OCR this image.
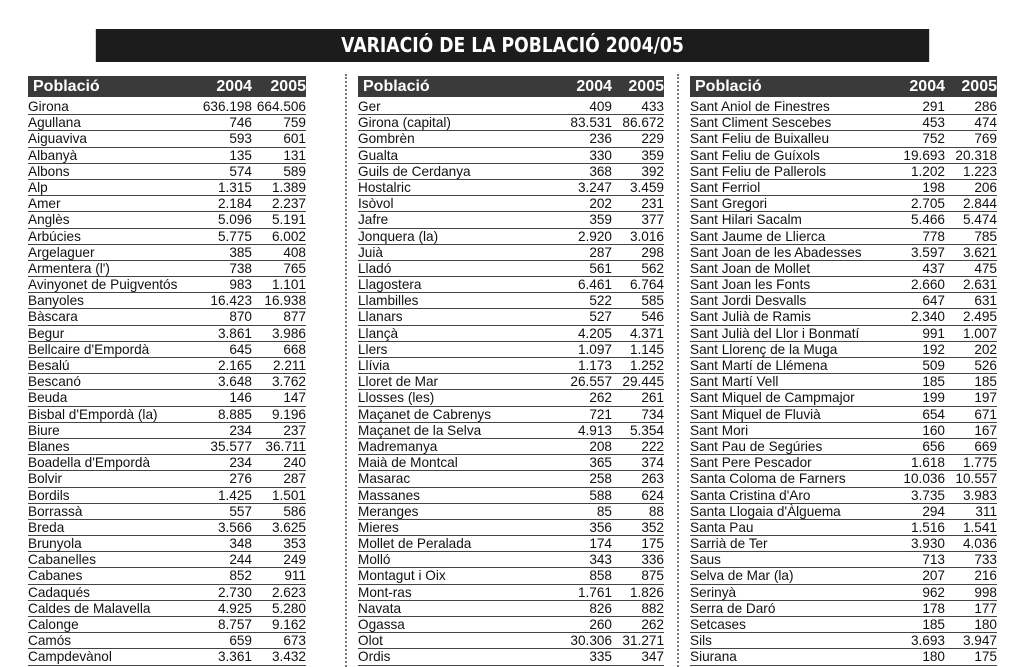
VARIACIÓ DE LA POBLACIÓ 2004/05
Població	2004	2005
Girona	636.198 664.506
Agullana	746	759
Aiguaviva	593	601
Albanyà	135	131
Albons	574	589
Alp	1.315	1.389
Amer	2.184	2.237
Anglès	5.096	5.191
Arbúcies	5.775	6.002
Argelaguer	385	408
Armentera (l')	738	765
Avinyonet de Puigventós	983	1.101
Banyoles	16.423 16.938
Bàscara	870	877
Begur	3.861	3.986
Bellcaire d'Empordà	645	668
Besalú	2.165	2.211
Bescanó	3.648	3.762
Beuda	146	147
Bisbal d'Empordà (la)	8.885	9.196
Biure	234	237
Blanes	35.577 36.711
Boadella d'Empordà	234	240
Bolvir	276	287
Bordils	1.425	1.501
Borrassà	557	586
Breda	3.566	3.625
Brunyola	348	353
Cabanelles	244	249
Cabanes	852	911
Cadaqués	2.730	2.623
Caldes de Malavella	4.925	5.280
Calonge	8.757	9.162
Camós	659	673
Campdevànol	3.361	3.432
Població	2004	2005
Ger	409	433
Girona (capital)	83.531 86.672
Gombrèn	236	229
Gualta	330	359
Guils de Cerdanya	368	392
Hostalric	3.247	3.459
Isòvol	202	231
Jafre	359	377
Jonquera (la)	2.920	3.016
Juià	287	298
Lladó	561	562
Llagostera	6.461	6.764
Llambilles	522	585
Llanars	527	546
Llançà	4.205	4.371
Llers	1.097	1.145
Llívia	1.173	1.252
Lloret de Mar	26.557 29.445
Llosses (les)	262	261
Maçanet de Cabrenys	721	734
Maçanet de la Selva	4.913	5.354
Madremanya	208	222
Maià de Montcal	365	374
Masarac	258	263
Massanes	588	624
Meranges	85	88
Mieres	356	352
Mollet de Peralada	174	175
Molló	343	336
Montagut i Oix	858	875
Mont-ras	1.761	1.826
Navata	826	882
Ogassa	260	262
Olot	30.306 31.271
Ordis	335	347
Població	2004	2005
Sant Aniol de Finestres	291	286
Sant Climent Sescebes	453	474
Sant Feliu de Buixalleu	752	769
Sant Feliu de Guíxols	19.693 20.318
Sant Feliu de Pallerols	1.202	1.223
Sant Ferriol	198	206
Sant Gregori	2.705	2.844
Sant Hilari Sacalm	5.466	5.474
Sant Jaume de Llierca	778	785
Sant Joan de les Abadesses	3.597	3.621
Sant Joan de Mollet	437	475
Sant Joan les Fonts	2.660	2.631
Sant Jordi Desvalls	647	631
Sant Julià de Ramis	2.340	2.495
Sant Julià del Llor i Bonmatí	991	1.007
Sant Llorenç de la Muga	192	202
Sant Martí de Llémena	509	526
Sant Martí Vell	185	185
Sant Miquel de Campmajor	199	197
Sant Miquel de Fluvià	654	671
Sant Mori	160	167
Sant Pau de Segúries	656	669
Sant Pere Pescador	1.618	1.775
Santa Coloma de Farners	10.036 10.557
Santa Cristina d'Aro	3.735	3.983
Santa Llogaia d'Àlguema	294	311
Santa Pau	1.516	1.541
Sarrià de Ter	3.930	4.036
Saus	713	733
Selva de Mar (la)	207	216
Serinyà	962	998
Serra de Daró	178	177
Setcases	185	180
Sils	3.693	3.947
Siurana	180	175
